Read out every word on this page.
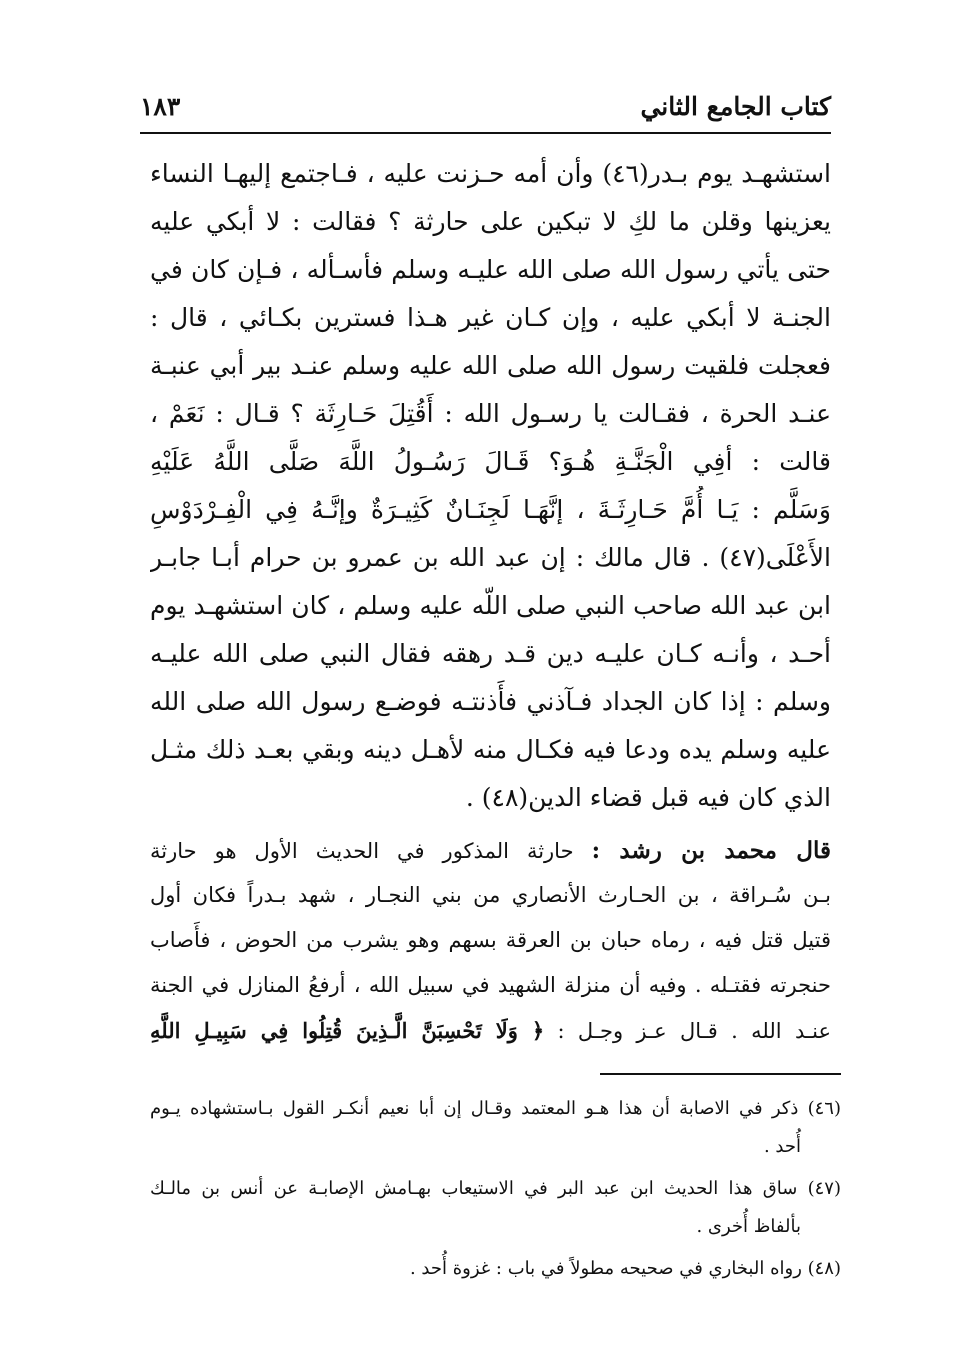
كتاب الجامع الثاني
١٨٣
استشهـد يوم بـدر(٤٦) وأن أمه حـزنت عليه ، فـاجتمع إليهـا النساء
يعزينها وقلن ما لكِ لا تبكين على حارثة ؟ فقالت : لا أبكي عليه
حتى يأتي رسول الله صلى الله عليـه وسلم فأسـأله ، فـإن كان في
الجنـة لا أبكي عليه ، وإن كـان غير هـذا فسترين بكـائي ، قال :
فعجلت فلقيت رسول الله صلى الله عليه وسلم عنـد بير أبي عنبـة
عنـد الحرة ، فقـالت يا رسـول الله : أَقُتِلَ حَـارِثَة ؟ قـال : نَعَمْ ،
قالت : أفِي الْجَنَّـةِ هُـوَ؟ قَـالَ رَسُـولُ اللَّهَ صَلَّى اللَّهُ عَلَيْهِ
وَسَلَّم : يَـا أُمَّ حَـارِثَـةَ ، إنَّهَـا لَجِنَـانٌ كَثِيـرَةٌ وإنَّـهُ فِي الْفِـرْدَوْسِ
الأَعْلَى(٤٧) . قال مالك : إن عبد الله بن عمرو بن حرام أبـا جابـر
ابن عبد الله صاحب النبي صلى اللّه عليه وسلم ، كان استشهـد يوم
أحـد ، وأنـه كـان عليـه دين قـد رهقه فقال النبي صلى الله عليـه
وسلم : إذا كان الجداد فـآذني فأَذنتـه فوضـع رسول الله صلى الله
عليه وسلم يده ودعا فيه فكـال منه لأهـل دينه وبقي بعـد ذلك مثـل
الذي كان فيه قبل قضاء الدين(٤٨) .
قال محمد بن رشد : حارثة المذكور في الحديث الأول هو حارثة
بـن سُـراقة ، بن الحـارث الأنصاري من بني النجـار ، شهد بـدراً فكان أول
قتيل قتل فيه ، رماه حبان بن العرقة بسهم وهو يشرب من الحوض ، فأَصاب
حنجرته فقتـله . وفيه أن منزلة الشهيد في سبيل الله ، أرفعُ المنازل في الجنة
عنـد الله . قـال عـز وجـل : ﴿ وَلَا تَحْسِبَنَّ الَّـذِينَ قُتِلُوا فِي سَبِيـلِ اللَّهِ
(٤٦) ذكر في الاصابة أن هذا هـو المعتمد وقـال إن أبا نعيم أنكـر القول بـاستشهاده يـوم
أُحد .
(٤٧) ساق هذا الحديث ابن عبد البر في الاستيعاب بهـامش الإصابـة عن أنس بن مالـك
بألفاظ أُخرى .
(٤٨) رواه البخاري في صحيحه مطولاً في باب : غزوة أُحد .
